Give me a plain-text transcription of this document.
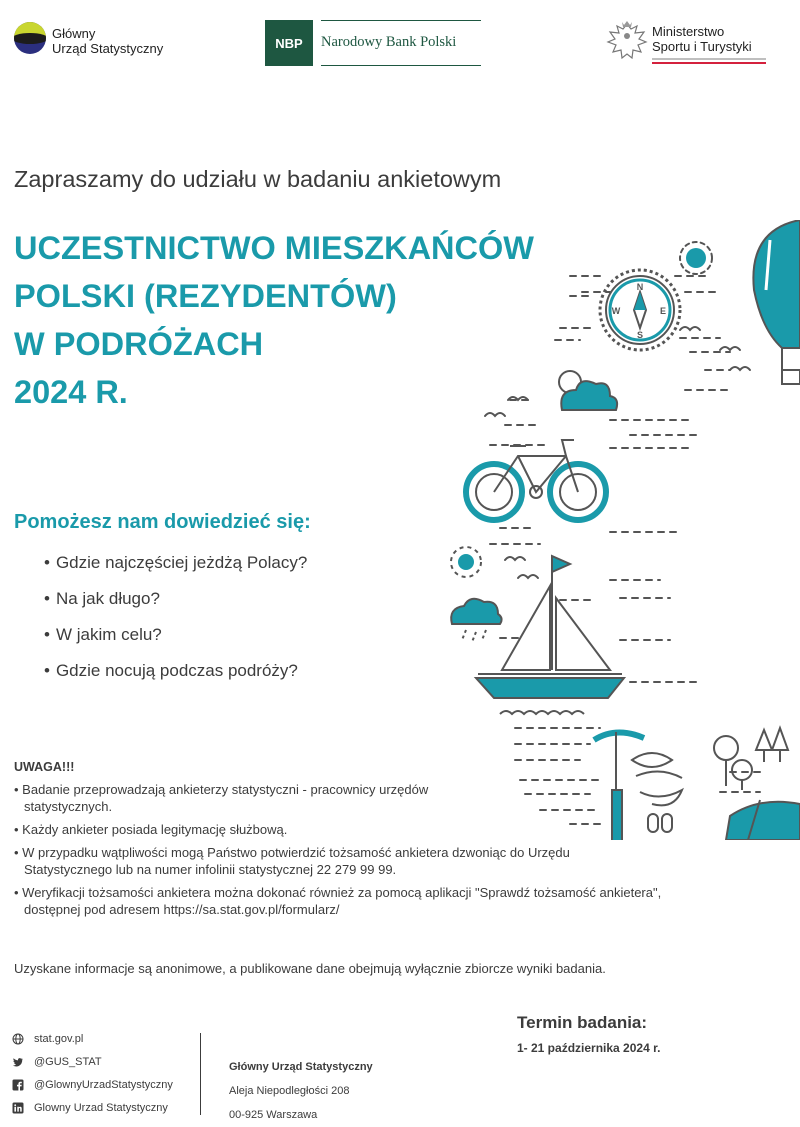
Główny
Urząd Statystyczny	NBP	Narodowy Bank Polski
Ministerstwo
Sportu i Turystyki
Zapraszamy do udziału w badaniu ankietowym
UCZESTNICTWO MIESZKAŃCÓW
POLSKI (REZYDENTÓW)
W PODRÓŻACH
2024 R.
N
S
W	E
Pomożesz nam dowiedzieć się:
• Gdzie najczęściej jeżdżą Polacy?
• Na jak długo?
• W jakim celu?
• Gdzie nocują podczas podróży?
UWAGA!!!
• Badanie przeprowadzają ankieterzy statystyczni - pracownicy urzędów statystycznych.
• Każdy ankieter posiada legitymację służbową.
• W przypadku wątpliwości mogą Państwo potwierdzić tożsamość ankietera dzwoniąc do Urzędu Statystycznego lub na numer infolinii statystycznej 22 279 99 99.
• Weryfikacji tożsamości ankietera można dokonać również za pomocą aplikacji "Sprawdź tożsamość ankietera", dostępnej pod adresem https://sa.stat.gov.pl/formularz/
Uzyskane informacje są anonimowe, a publikowane dane obejmują wyłącznie zbiorcze wyniki badania.
Termin badania:
1- 21 października 2024 r.
stat.gov.pl
@GUS_STAT
@GlownyUrzadStatystyczny
Glowny Urzad Statystyczny
Główny Urząd Statystyczny
Aleja Niepodległości 208
00-925 Warszawa
